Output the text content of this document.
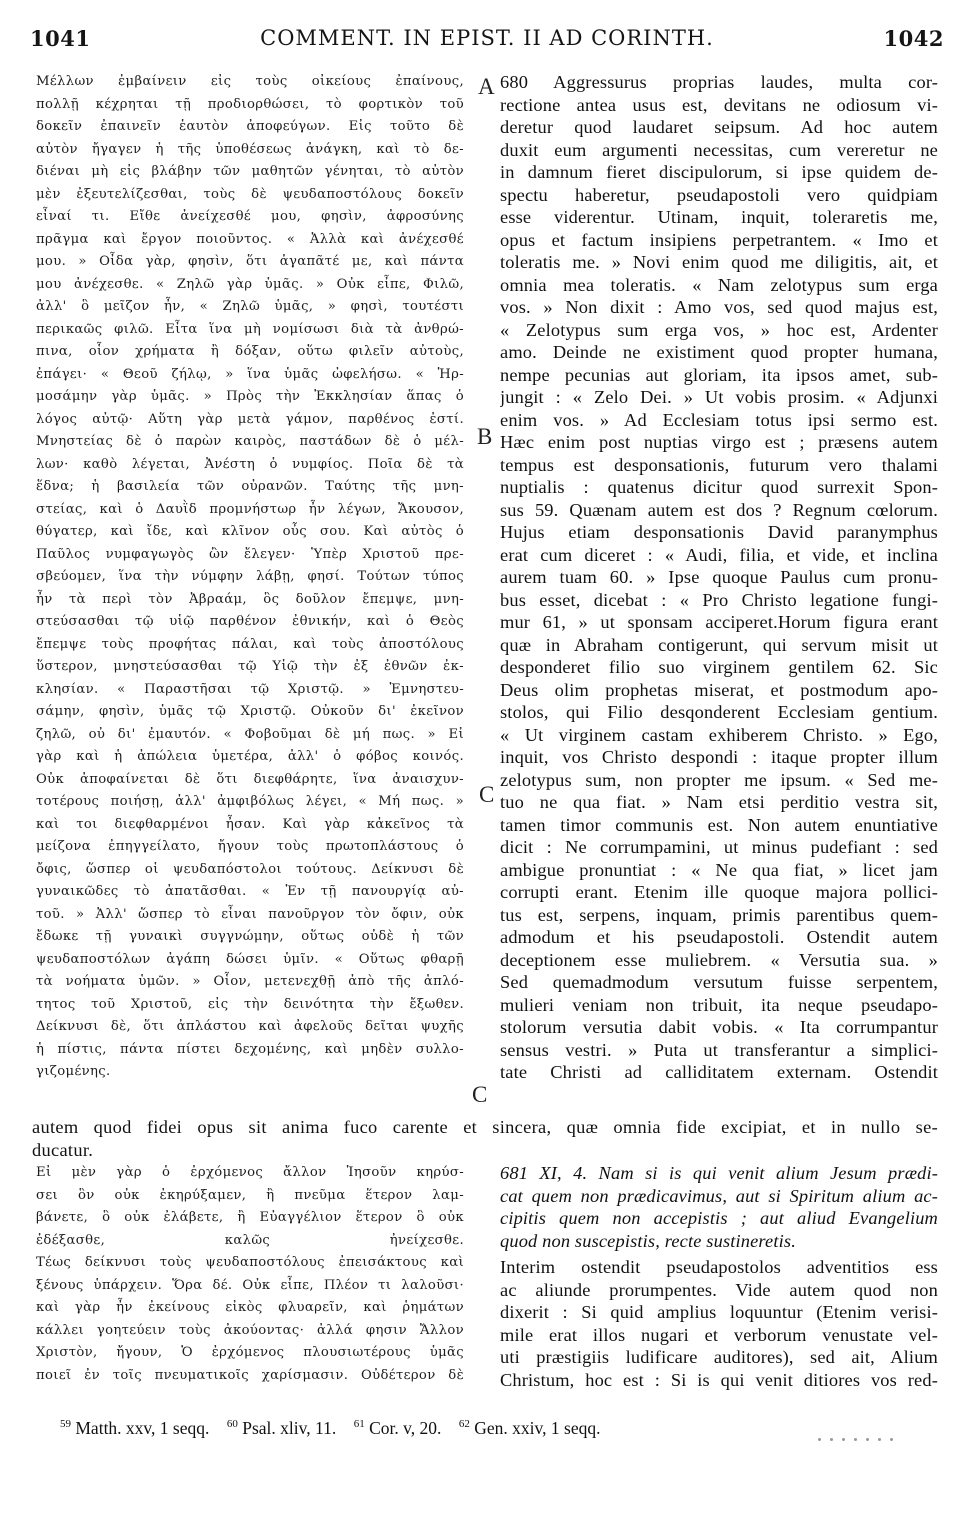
1041	COMMENT. IN EPIST. II AD CORINTH.	1042
A
B
C
C
Μέλλων ἐμβαίνειν εἰς τοὺς οἰκείους ἐπαίνους,
πολλῇ κέχρηται τῇ προδιορθώσει, τὸ φορτικὸν τοῦ
δοκεῖν ἐπαινεῖν ἑαυτὸν ἀποφεύγων. Εἰς τοῦτο δὲ
αὐτὸν ἤγαγεν ἡ τῆς ὑποθέσεως ἀνάγκη, καὶ τὸ δε-
διέναι μὴ εἰς βλάβην τῶν μαθητῶν γένηται, τὸ αὐτὸν
μὲν ἐξευτελίζεσθαι, τοὺς δὲ ψευδαποστόλους δοκεῖν
εἶναί τι. Εἴθε ἀνείχεσθέ μου, φησὶν, ἀφροσύνης
πρᾶγμα καὶ ἔργον ποιοῦντος. « Ἀλλὰ καὶ ἀνέχεσθέ
μου. » Οἶδα γὰρ, φησὶν, ὅτι ἀγαπᾶτέ με, καὶ πάντα
μου ἀνέχεσθε. « Ζηλῶ γὰρ ὑμᾶς. » Οὐκ εἶπε, Φιλῶ,
ἀλλ' ὃ μεῖζον ἦν, « Ζηλῶ ὑμᾶς, » φησὶ, τουτέστι
περικαῶς φιλῶ. Εἶτα ἵνα μὴ νομίσωσι διὰ τὰ ἀνθρώ-
πινα, οἷον χρήματα ἢ δόξαν, οὕτω φιλεῖν αὐτοὺς,
ἐπάγει· « Θεοῦ ζήλῳ, » ἵνα ὑμᾶς ὠφελήσω. « Ἡρ-
μοσάμην γὰρ ὑμᾶς. » Πρὸς τὴν Ἐκκλησίαν ἅπας ὁ
λόγος αὐτῷ· Αὕτη γὰρ μετὰ γάμον, παρθένος ἐστί.
Μνηστείας δὲ ὁ παρὼν καιρὸς, παστάδων δὲ ὁ μέλ-
λων· καθὸ λέγεται, Ἀνέστη ὁ νυμφίος. Ποῖα δὲ τὰ
ἕδνα; ἡ βασιλεία τῶν οὐρανῶν. Ταύτης τῆς μνη-
στείας, καὶ ὁ Δαυῒδ προμνήστωρ ἦν λέγων, Ἄκουσον,
θύγατερ, καὶ ἴδε, καὶ κλῖνον οὖς σου. Καὶ αὐτὸς ὁ
Παῦλος νυμφαγωγὸς ὢν ἔλεγεν· Ὑπὲρ Χριστοῦ πρε-
σβεύομεν, ἵνα τὴν νύμφην λάβῃ, φησί. Τούτων τύπος
ἦν τὰ περὶ τὸν Ἀβραάμ, ὃς δοῦλον ἔπεμψε, μνη-
στεύσασθαι τῷ υἱῷ παρθένον ἐθνικήν, καὶ ὁ Θεὸς
ἔπεμψε τοὺς προφήτας πάλαι, καὶ τοὺς ἀποστόλους
ὕστερον, μνηστεύσασθαι τῷ Υἱῷ τὴν ἐξ ἐθνῶν ἐκ-
κλησίαν. « Παραστῆσαι τῷ Χριστῷ. » Ἐμνηστευ-
σάμην, φησὶν, ὑμᾶς τῷ Χριστῷ. Οὐκοῦν δι' ἐκεῖνον
ζηλῶ, οὐ δι' ἐμαυτόν. « Φοβοῦμαι δὲ μή πως. » Εἰ
γὰρ καὶ ἡ ἀπώλεια ὑμετέρα, ἀλλ' ὁ φόβος κοινός.
Οὐκ ἀποφαίνεται δὲ ὅτι διεφθάρητε, ἵνα ἀναισχυν-
τοτέρους ποιήσῃ, ἀλλ' ἀμφιβόλως λέγει, « Μή πως. »
καὶ τοι διεφθαρμένοι ἦσαν. Καὶ γὰρ κἀκεῖνος τὰ
μείζονα ἐπηγγείλατο, ἤγουν τοὺς πρωτοπλάστους ὁ
ὄφις, ὥσπερ οἱ ψευδαπόστολοι τούτους. Δείκνυσι δὲ
γυναικῶδες τὸ ἀπατᾶσθαι. « Ἐν τῇ πανουργίᾳ αὐ-
τοῦ. » Ἀλλ' ὥσπερ τὸ εἶναι πανοῦργον τὸν ὄφιν, οὐκ
ἔδωκε τῇ γυναικὶ συγγνώμην, οὕτως οὐδὲ ἡ τῶν
ψευδαποστόλων ἀγάπη δώσει ὑμῖν. « Οὕτως φθαρῇ
τὰ νοήματα ὑμῶν. » Οἷον, μετενεχθῇ ἀπὸ τῆς ἁπλό-
τητος τοῦ Χριστοῦ, εἰς τὴν δεινότητα τὴν ἔξωθεν.
Δείκνυσι δὲ, ὅτι ἀπλάστου καὶ ἀφελοῦς δεῖται ψυχῆς
ἡ πίστις, πάντα πίστει δεχομένης, καὶ μηδὲν συλλο-
γιζομένης.
680 Aggressurus proprias laudes, multa cor-
rectione antea usus est, devitans ne odiosum vi-
deretur quod laudaret seipsum. Ad hoc autem
duxit eum argumenti necessitas, cum vereretur ne
in damnum fieret discipulorum, si ipse quidem de-
spectu haberetur, pseudapostoli vero quidpiam
esse viderentur. Utinam, inquit, toleraretis me,
opus et factum insipiens perpetrantem. « Imo et
toleratis me. » Novi enim quod me diligitis, ait, et
omnia mea toleratis. « Nam zelotypus sum erga
vos. » Non dixit : Amo vos, sed quod majus est,
« Zelotypus sum erga vos, » hoc est, Ardenter
amo. Deinde ne existiment quod propter humana,
nempe pecunias aut gloriam, ita ipsos amet, sub-
jungit : « Zelo Dei. » Ut vobis prosim. « Adjunxi
enim vos. » Ad Ecclesiam totus ipsi sermo est.
Hæc enim post nuptias virgo est ; præsens autem
tempus est desponsationis, futurum vero thalami
nuptialis : quatenus dicitur quod surrexit Spon-
sus 59. Quænam autem est dos ? Regnum cœlorum.
Hujus etiam desponsationis David paranymphus
erat cum diceret : « Audi, filia, et vide, et inclina
aurem tuam 60. » Ipse quoque Paulus cum pronu-
bus esset, dicebat : « Pro Christo legatione fungi-
mur 61, » ut sponsam acciperet.Horum figura erant
quæ in Abraham contigerunt, qui servum misit ut
desponderet filio suo virginem gentilem 62. Sic
Deus olim prophetas miserat, et postmodum apo-
stolos, qui Filio desqonderent Ecclesiam gentium.
« Ut virginem castam exhiberem Christo. » Ego,
inquit, vos Christo despondi : itaque propter illum
zelotypus sum, non propter me ipsum. « Sed me-
tuo ne qua fiat. » Nam etsi perditio vestra sit,
tamen timor communis est. Non autem enuntiative
dicit : Ne corrumpamini, ut minus pudefiant : sed
ambigue pronuntiat : « Ne qua fiat, » licet jam
corrupti erant. Etenim ille quoque majora pollici-
tus est, serpens, inquam, primis parentibus quem-
admodum et his pseudapostoli. Ostendit autem
deceptionem esse muliebrem. « Versutia sua. »
Sed quemadmodum versutum fuisse serpentem,
mulieri veniam non tribuit, ita neque pseudapo-
stolorum versutia dabit vobis. « Ita corrumpantur
sensus vestri. » Puta ut transferantur a simplici-
tate Christi ad calliditatem externam. Ostendit
autem quod fidei opus sit anima fuco carente et sincera, quæ omnia fide excipiat, et in nullo se-
ducatur.
Εἰ μὲν γὰρ ὁ ἐρχόμενος ἄλλον Ἰησοῦν κηρύσ-
σει ὃν οὐκ ἐκηρύξαμεν, ἢ πνεῦμα ἕτερον λαμ-
βάνετε, ὃ οὐκ ἐλάβετε, ἢ Εὐαγγέλιον ἕτερον ὃ οὐκ
ἐδέξασθε, καλῶς ἠνείχεσθε.
Τέως δείκνυσι τοὺς ψευδαποστόλους ἐπεισάκτους καὶ
ξένους ὑπάρχειν. Ὅρα δέ. Οὐκ εἶπε, Πλέον τι λαλοῦσι·
καὶ γὰρ ἦν ἐκείνους εἰκὸς φλυαρεῖν, καὶ ῥημάτων
κάλλει γοητεύειν τοὺς ἀκούοντας· ἀλλά φησιν Ἄλλον
Χριστὸν, ἤγουν, Ὁ ἐρχόμενος πλουσιωτέρους ὑμᾶς
ποιεῖ ἐν τοῖς πνευματικοῖς χαρίσμασιν. Οὐδέτερον δὲ
681 XI, 4. Nam si is qui venit alium Jesum prædi-
cat quem non prædicavimus, aut si Spiritum alium ac-
cipitis quem non accepistis ; aut aliud Evangelium
quod non suscepistis, recte sustineretis.
Interim ostendit pseudapostolos adventitios ess
ac aliunde prorumpentes. Vide autem quod non
dixerit : Si quid amplius loquuntur (Etenim verisi-
mile erat illos nugari et verborum venustate vel-
uti præstigiis ludificare auditores), sed ait, Alium
Christum, hoc est : Si is qui venit ditiores vos red-
$^{59}$ Matth. xxv, 1 seqq. $^{60}$ Psal. xliv, 11. $^{61}$ Cor. v, 20. $^{62}$ Gen. xxiv, 1 seqq.
